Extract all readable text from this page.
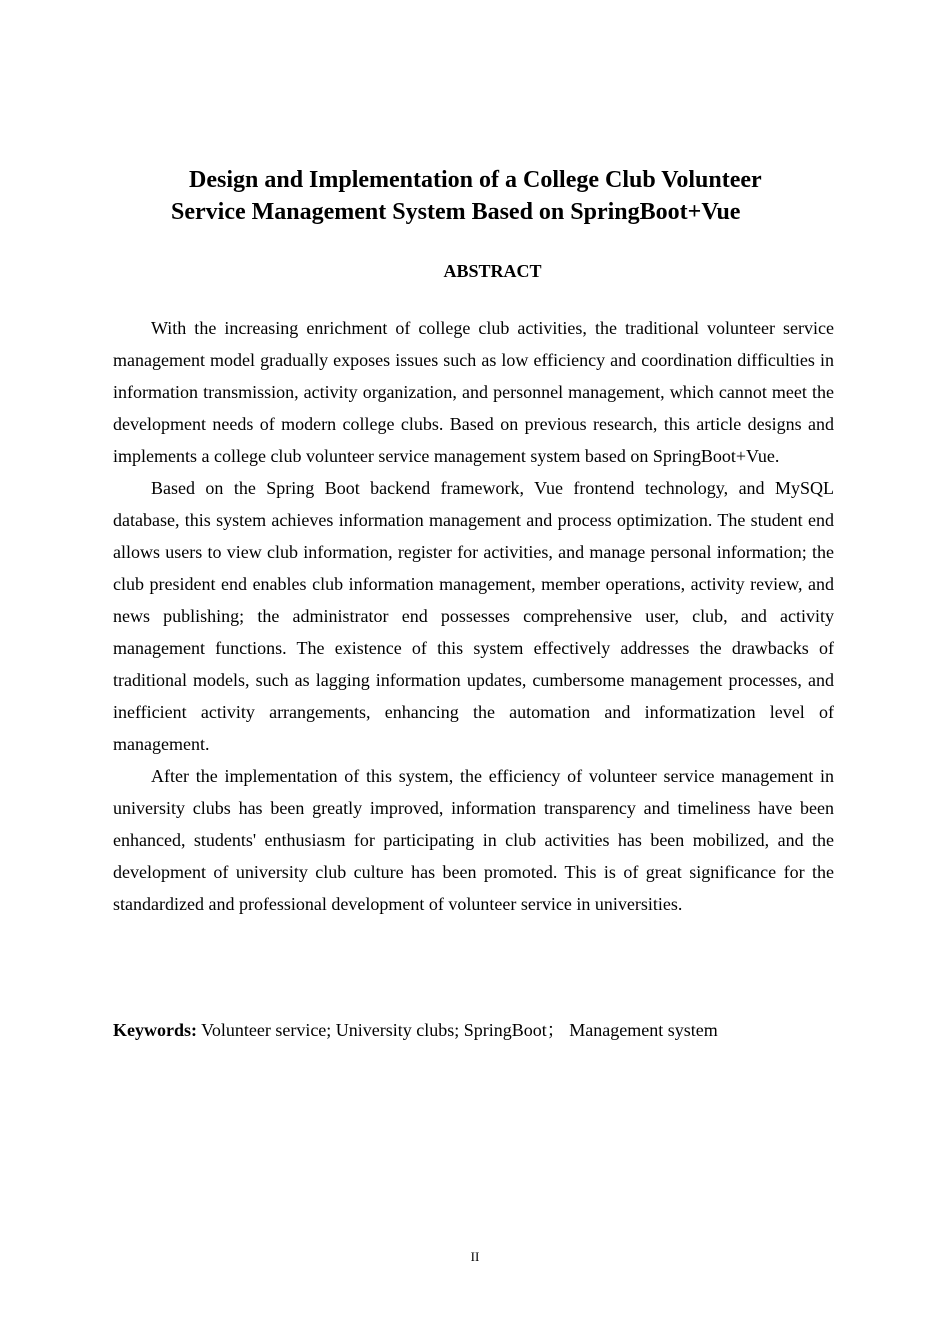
Design and Implementation of a College Club Volunteer
Service Management System Based on SpringBoot+Vue
ABSTRACT

With the increasing enrichment of college club activities, the traditional volunteer service management model gradually exposes issues such as low efficiency and coordination difficulties in information transmission, activity organization, and personnel management, which cannot meet the development needs of modern college clubs. Based on previous research, this article designs and implements a college club volunteer service management system based on SpringBoot+Vue.

Based on the Spring Boot backend framework, Vue frontend technology, and MySQL database, this system achieves information management and process optimization. The student end allows users to view club information, register for activities, and manage personal information; the club president end enables club information management, member operations, activity review, and news publishing; the administrator end possesses comprehensive user, club, and activity management functions. The existence of this system effectively addresses the drawbacks of traditional models, such as lagging information updates, cumbersome management processes, and inefficient activity arrangements, enhancing the automation and informatization level of management.

After the implementation of this system, the efficiency of volunteer service management in university clubs has been greatly improved, information transparency and timeliness have been enhanced, students' enthusiasm for participating in club activities has been mobilized, and the development of university club culture has been promoted. This is of great significance for the standardized and professional development of volunteer service in universities.

Keywords: Volunteer service; University clubs; SpringBoot； Management system
II
